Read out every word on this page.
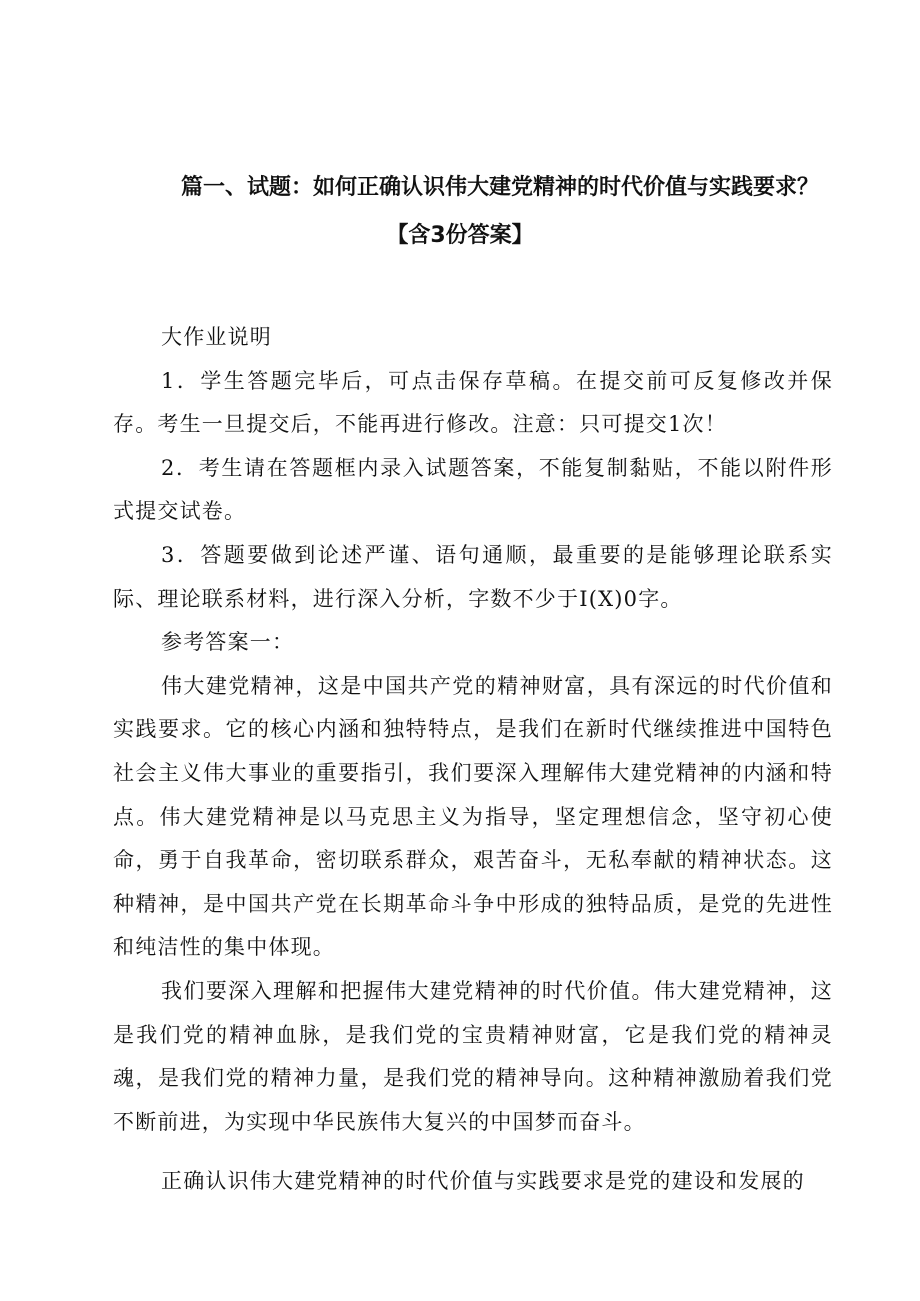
篇一、试题：如何正确认识伟大建党精神的时代价值与实践要求？
【含3份答案】

大作业说明

1．学生答题完毕后，可点击保存草稿。在提交前可反复修改并保存。考生一旦提交后，不能再进行修改。注意：只可提交1次！

2．考生请在答题框内录入试题答案，不能复制黏贴，不能以附件形式提交试卷。

3．答题要做到论述严谨、语句通顺，最重要的是能够理论联系实际、理论联系材料，进行深入分析，字数不少于I(X)0字。

参考答案一：

伟大建党精神，这是中国共产党的精神财富，具有深远的时代价值和实践要求。它的核心内涵和独特特点，是我们在新时代继续推进中国特色社会主义伟大事业的重要指引，我们要深入理解伟大建党精神的内涵和特点。伟大建党精神是以马克思主义为指导，坚定理想信念，坚守初心使命，勇于自我革命，密切联系群众，艰苦奋斗，无私奉献的精神状态。这种精神，是中国共产党在长期革命斗争中形成的独特品质，是党的先进性和纯洁性的集中体现。

我们要深入理解和把握伟大建党精神的时代价值。伟大建党精神，这是我们党的精神血脉，是我们党的宝贵精神财富，它是我们党的精神灵魂，是我们党的精神力量，是我们党的精神导向。这种精神激励着我们党不断前进，为实现中华民族伟大复兴的中国梦而奋斗。

正确认识伟大建党精神的时代价值与实践要求是党的建设和发展的
